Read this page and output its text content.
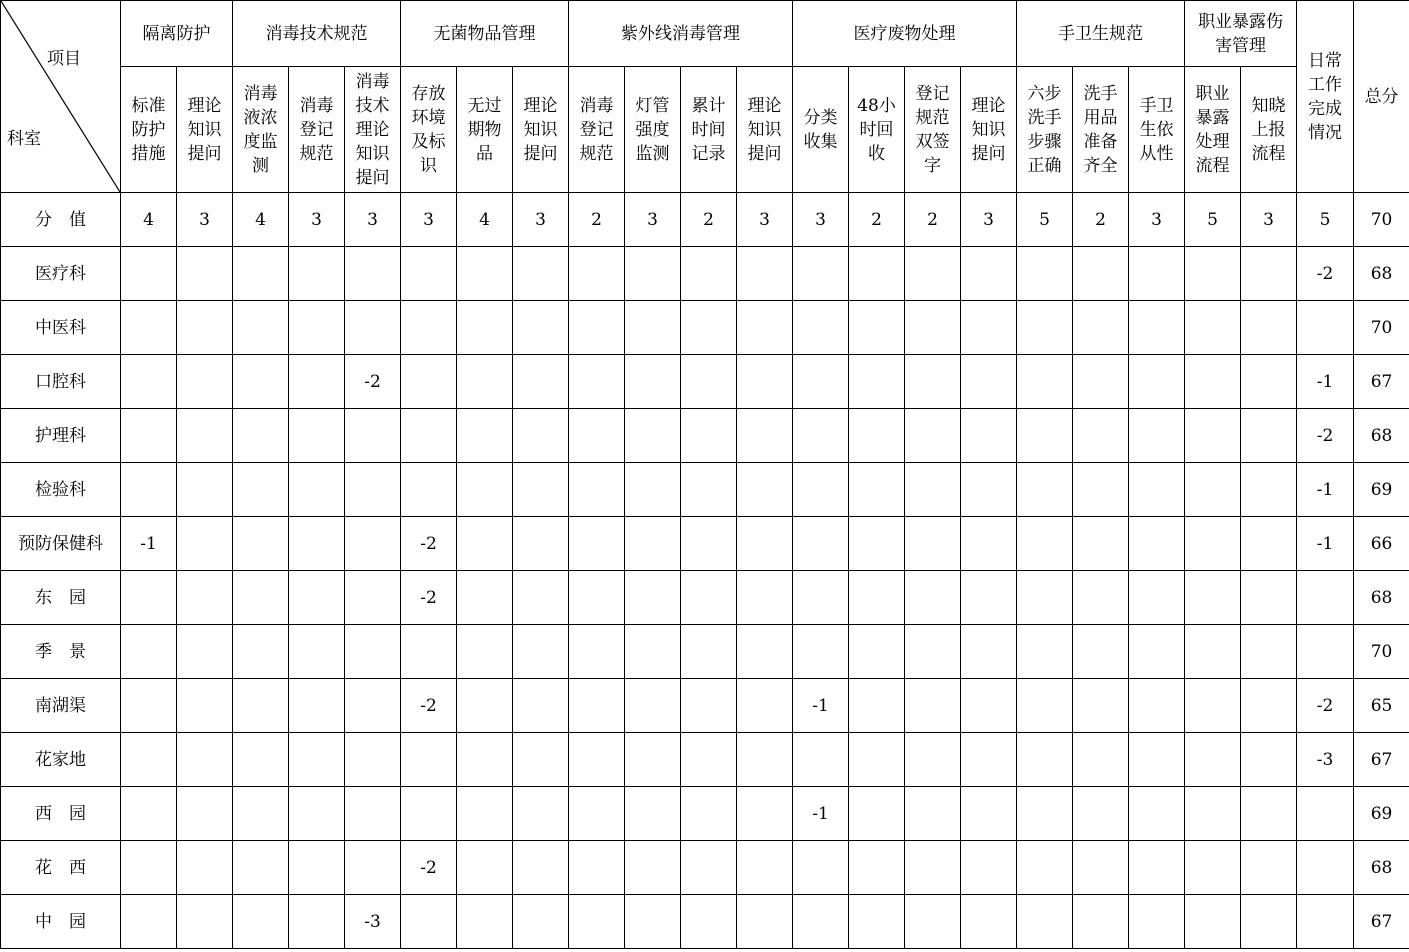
项目
科室	隔离防护		消毒技术规范			无菌物品管理			紫外线消毒管理				医疗废物处理				手卫生规范			职业暴露伤害管理		日常工作完成情况	总分
	标准防护措施	理论知识提问	消毒液浓度监测	消毒登记规范	消毒技术理论知识提问	存放环境及标识	无过期物品	理论知识提问	消毒登记规范	灯管强度监测	累计时间记录	理论知识提问	分类收集	48小时回收	登记规范双签字	理论知识提问	六步洗手步骤正确	洗手用品准备齐全	手卫生依从性	职业暴露处理流程	知晓上报流程		
分　值	4	3	4	3	3	3	4	3	2	3	2	3	3	2	2	3	5	2	3	5	3	5	70
医疗科																						-2	68
中医科																							70
口腔科					-2																	-1	67
护理科																						-2	68
检验科																						-1	69
预防保健科	-1					-2																-1	66
东　园						-2																	68
季　景																							70
南湖渠						-2							-1									-2	65
花家地																						-3	67
西　园													-1										69
花　西						-2																	68
中　园					-3																		67
